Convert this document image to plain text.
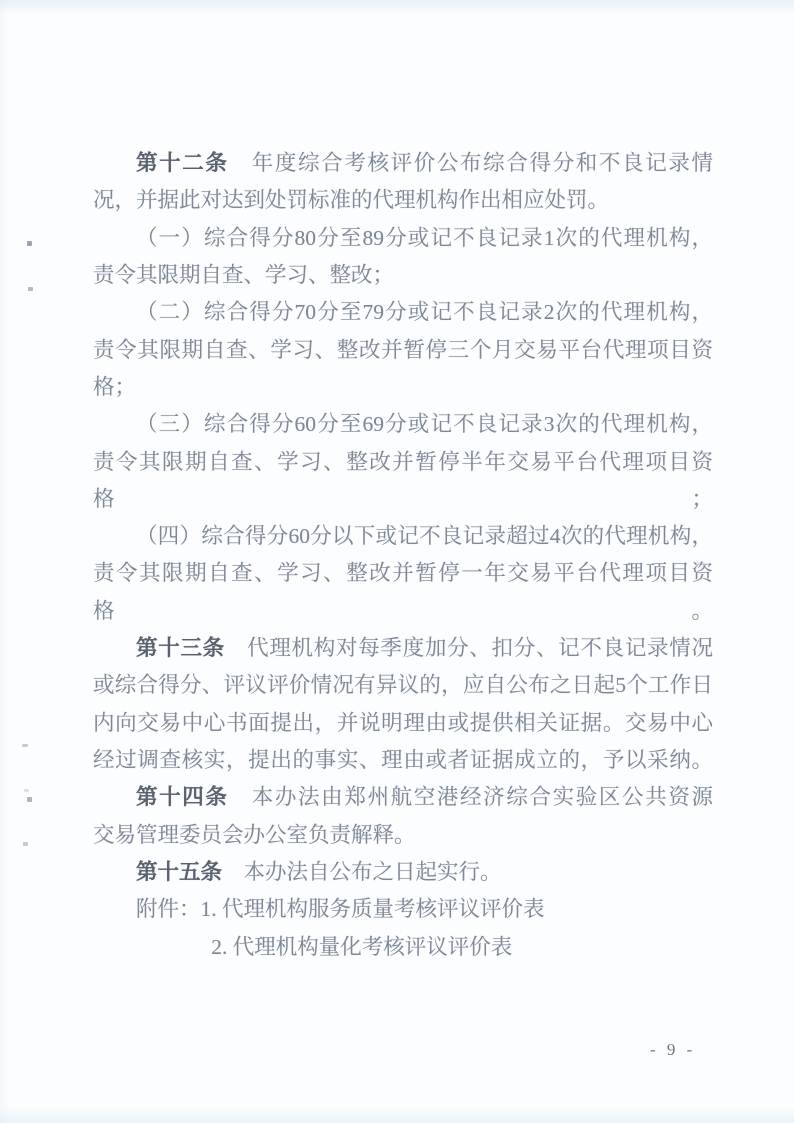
第十二条　年度综合考核评价公布综合得分和不良记录情
况，并据此对达到处罚标准的代理机构作出相应处罚。
（一）综合得分80分至89分或记不良记录1次的代理机构，
责令其限期自查、学习、整改；
（二）综合得分70分至79分或记不良记录2次的代理机构，
责令其限期自查、学习、整改并暂停三个月交易平台代理项目资
格；
（三）综合得分60分至69分或记不良记录3次的代理机构，
责令其限期自查、学习、整改并暂停半年交易平台代理项目资格；
（四）综合得分60分以下或记不良记录超过4次的代理机构，
责令其限期自查、学习、整改并暂停一年交易平台代理项目资格。
第十三条　代理机构对每季度加分、扣分、记不良记录情况
或综合得分、评议评价情况有异议的，应自公布之日起5个工作日
内向交易中心书面提出，并说明理由或提供相关证据。交易中心
经过调查核实，提出的事实、理由或者证据成立的，予以采纳。
第十四条　本办法由郑州航空港经济综合实验区公共资源
交易管理委员会办公室负责解释。
第十五条　本办法自公布之日起实行。
附件：1. 代理机构服务质量考核评议评价表
2. 代理机构量化考核评议评价表
- 9 -
